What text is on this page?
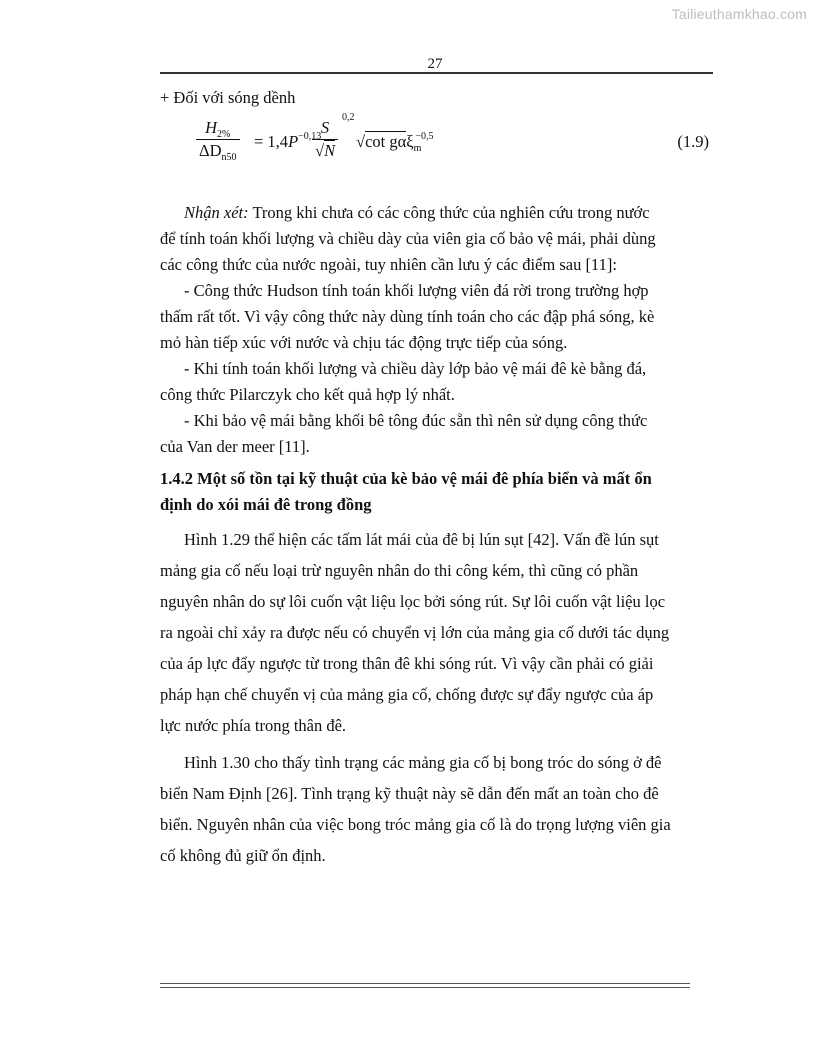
Tailieuthamkhao.com
27

+ Đối với sóng dềnh

$H_{2\%}$
$\Delta D_{n50}$
= $1,4P^{-0,13}$ S
√N
0,2
√cot gαξ$_m^{-0,5}$	(1.9)

Nhận xét: Trong khi chưa có các công thức của nghiên cứu trong nước

để tính toán khối lượng và chiều dày của viên gia cố bảo vệ mái, phải dùng

các công thức của nước ngoài, tuy nhiên cần lưu ý các điểm sau [11]:

- Công thức Hudson tính toán khối lượng viên đá rời trong trường hợp

thấm rất tốt. Vì vậy công thức này dùng tính toán cho các đập phá sóng, kè

mỏ hàn tiếp xúc với nước và chịu tác động trực tiếp của sóng.

- Khi tính toán khối lượng và chiều dày lớp bảo vệ mái đê kè bằng đá,

công thức Pilarczyk cho kết quả hợp lý nhất.

- Khi bảo vệ mái bằng khối bê tông đúc sẵn thì nên sử dụng công thức

của Van der meer [11].

1.4.2 Một số tồn tại kỹ thuật của kè bảo vệ mái đê phía biển và mất ổn

định do xói mái đê trong đồng

Hình 1.29 thể hiện các tấm lát mái của đê bị lún sụt [42]. Vấn đề lún sụt

mảng gia cố nếu loại trừ nguyên nhân do thi công kém, thì cũng có phần

nguyên nhân do sự lôi cuốn vật liệu lọc bởi sóng rút. Sự lôi cuốn vật liệu lọc

ra ngoài chỉ xảy ra được nếu có chuyển vị lớn của mảng gia cố dưới tác dụng

của áp lực đẩy ngược từ trong thân đê khi sóng rút. Vì vậy cần phải có giải

pháp hạn chế chuyển vị của mảng gia cố, chống được sự đẩy ngược của áp

lực nước phía trong thân đê.

Hình 1.30 cho thấy tình trạng các mảng gia cố bị bong tróc do sóng ở đê

biển Nam Định [26]. Tình trạng kỹ thuật này sẽ dẫn đến mất an toàn cho đê

biển. Nguyên nhân của việc bong tróc mảng gia cố là do trọng lượng viên gia

cố không đủ giữ ổn định.
